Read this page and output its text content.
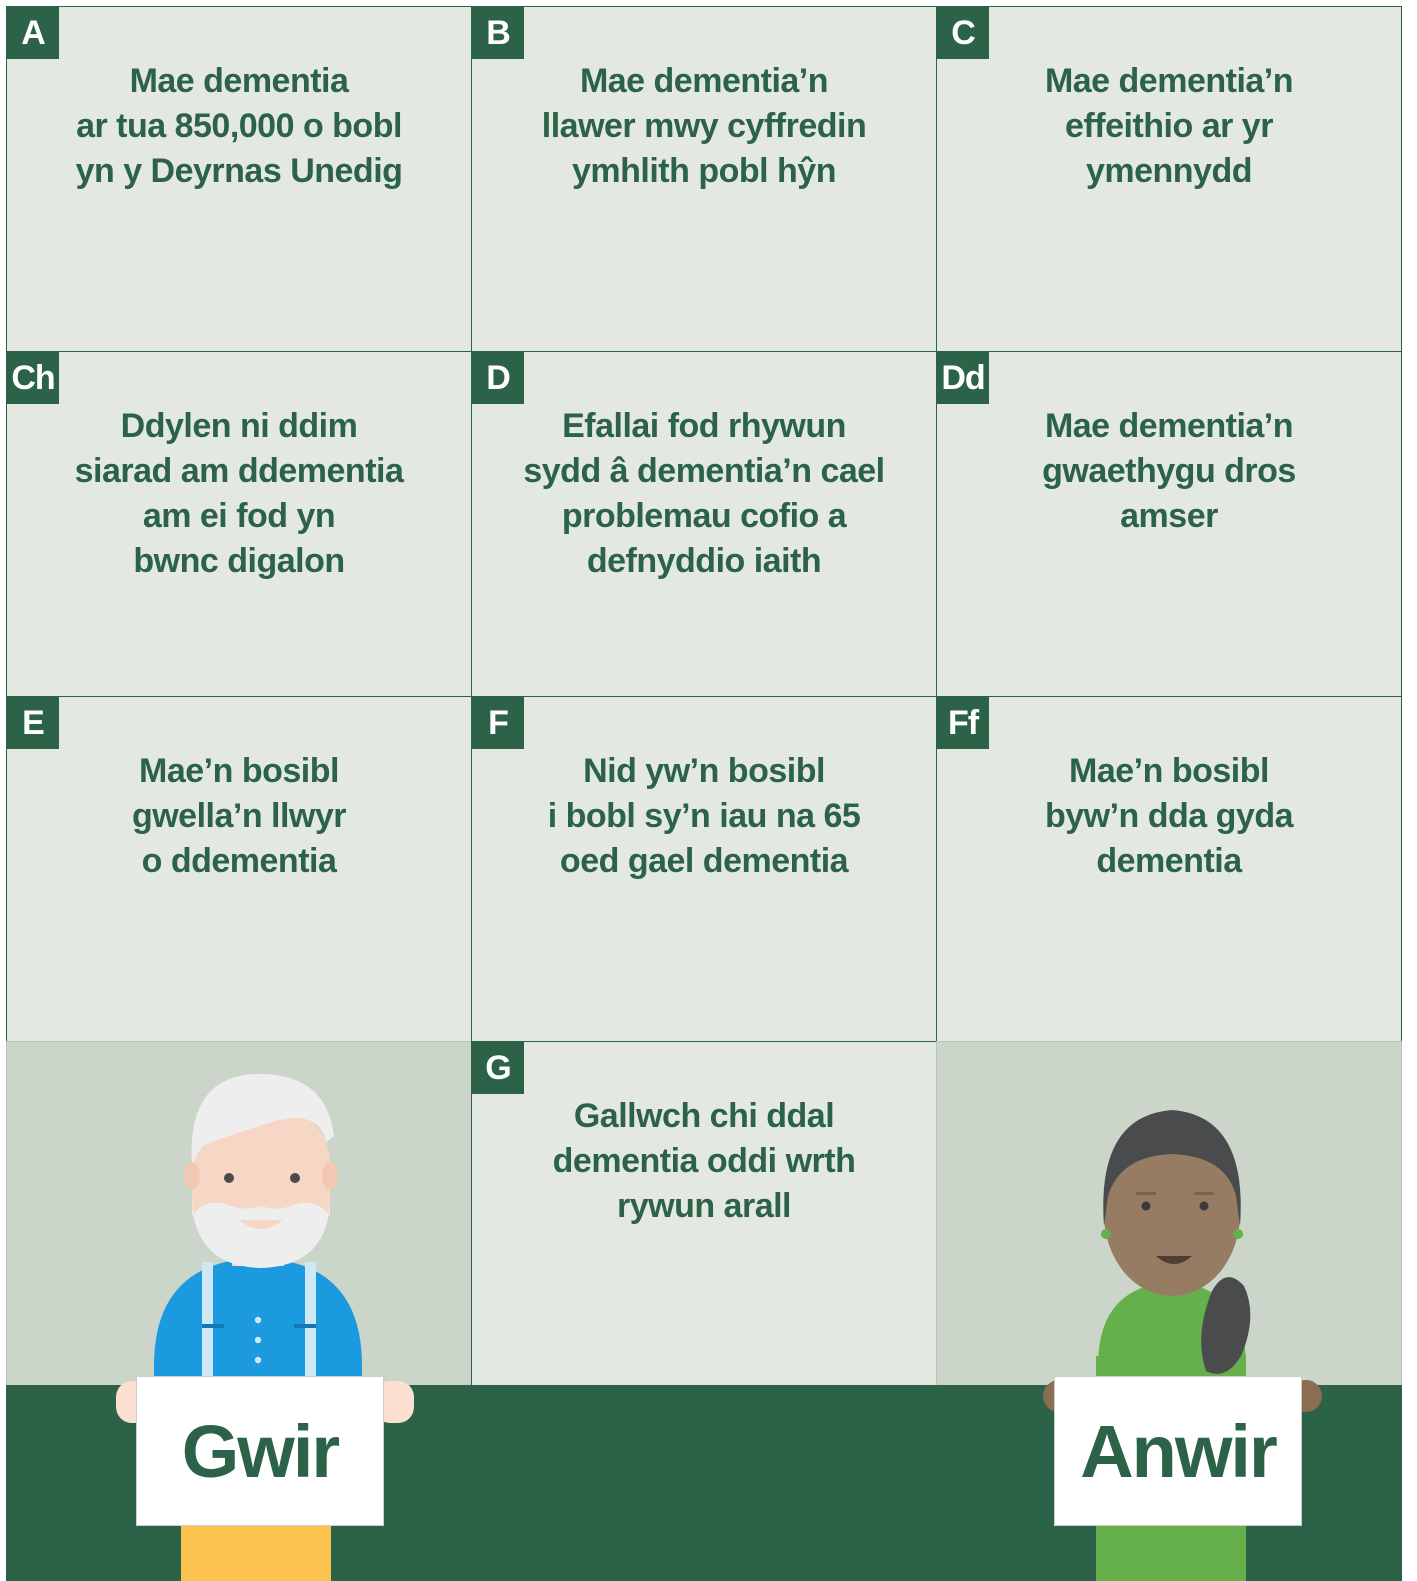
A

Mae dementia
ar tua 850,000 o bobl
yn y Deyrnas Unedig

B

Mae dementia’n
llawer mwy cyffredin
ymhlith pobl hŷn

C

Mae dementia’n
effeithio ar yr
ymennydd

Ch

Ddylen ni ddim
siarad am ddementia
am ei fod yn
bwnc digalon

D

Efallai fod rhywun
sydd â dementia’n cael
problemau cofio a
defnyddio iaith

Dd

Mae dementia’n
gwaethygu dros
amser

E

Mae’n bosibl
gwella’n llwyr
o ddementia

F

Nid yw’n bosibl
i bobl sy’n iau na 65
oed gael dementia

Ff

Mae’n bosibl
byw’n dda gyda
dementia

G

Gallwch chi ddal
dementia oddi wrth
rywun arall

Gwir	Anwir
